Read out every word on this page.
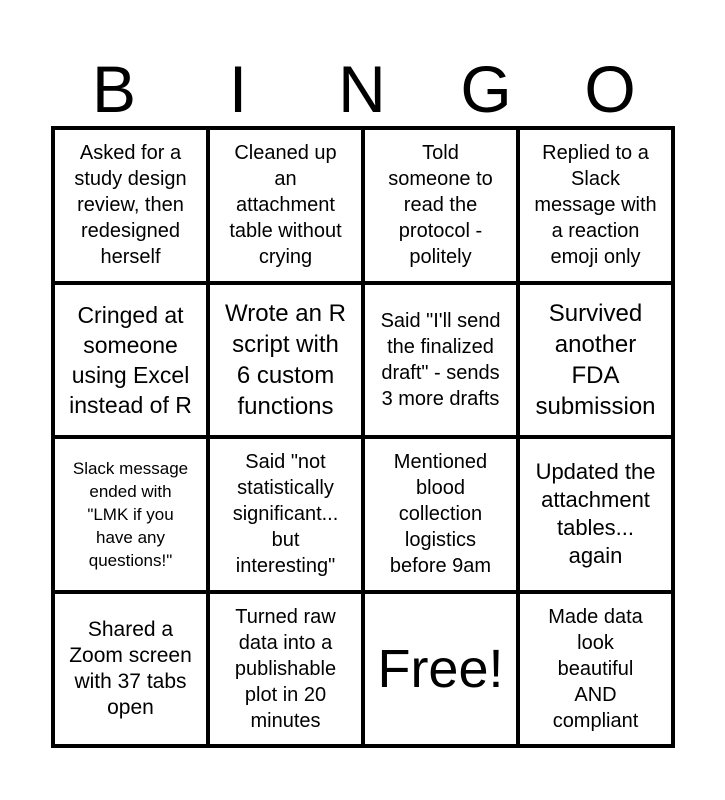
B	I	N	G	O
Asked for a
study design
review, then
redesigned
herself
Cleaned up
an
attachment
table without
crying
Told
someone to
read the
protocol -
politely
Replied to a
Slack
message with
a reaction
emoji only
Cringed at
someone
using Excel
instead of R
Wrote an R
script with
6 custom
functions
Said "I'll send
the finalized
draft" - sends
3 more drafts
Survived
another
FDA
submission
Slack message
ended with
"LMK if you
have any
questions!"
Said "not
statistically
significant...
but
interesting"
Mentioned
blood
collection
logistics
before 9am
Updated the
attachment
tables...
again
Shared a
Zoom screen
with 37 tabs
open
Turned raw
data into a
publishable
plot in 20
minutes
Free!
Made data
look
beautiful
AND
compliant
